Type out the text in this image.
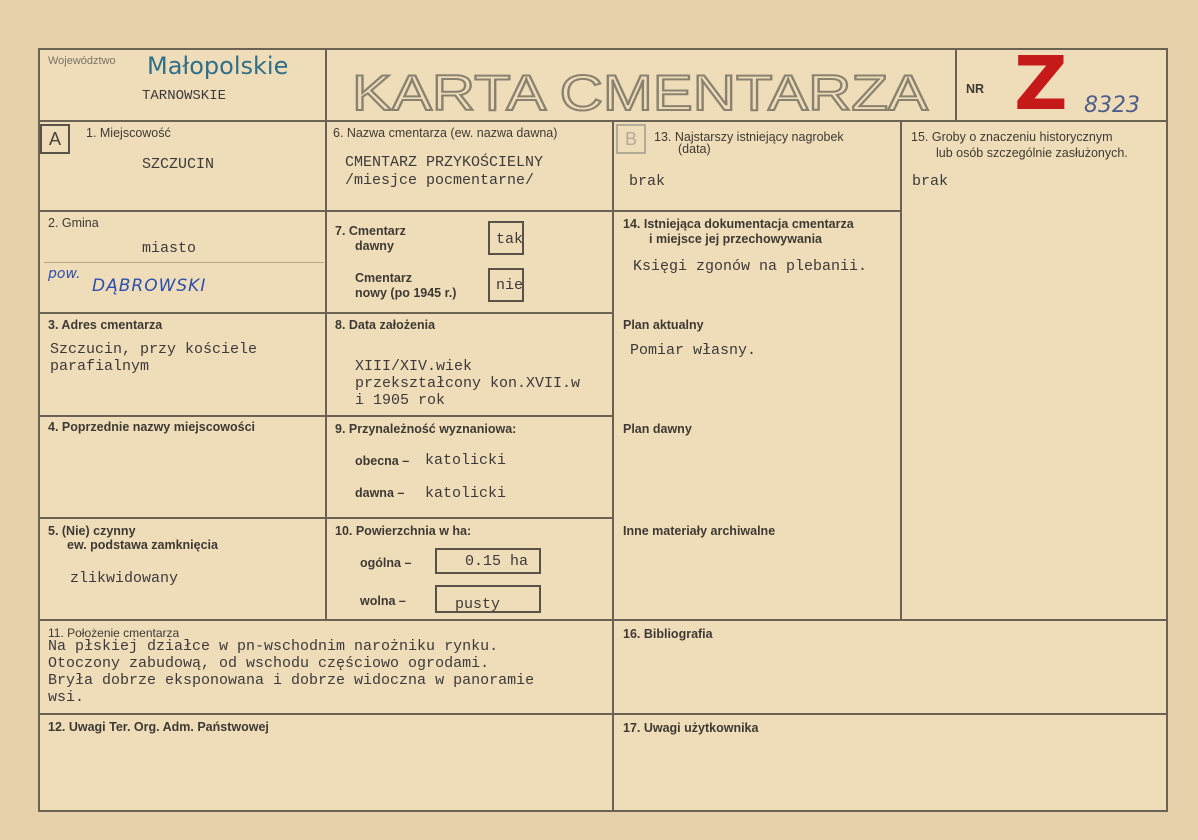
Województwo Małopolskie
TARNOWSKIE	KARTA CMENTARZA	NR Z 8323
A	B
1. Miejscowość
SZCZUCIN
6. Nazwa cmentarza (ew. nazwa dawna)
CMENTARZ PRZYKOŚCIELNY
/miesjce pocmentarne/
13. Najstarszy istniejący nagrobek
(data)
brak
15. Groby o znaczeniu historycznym
lub osób szczególnie zasłużonych.
brak
2. Gmina
miasto
pow.
DĄBROWSKI
7. Cmentarz
dawny	tak
Cmentarz
nowy (po 1945 r.)	nie
14. Istniejąca dokumentacja cmentarza
i miejsce jej przechowywania
Księgi zgonów na plebanii.
3. Adres cmentarza
Szczucin, przy kościele
parafialnym
8. Data założenia
XIII/XIV.wiek
przekształcony kon.XVII.w
i 1905 rok
Plan aktualny
Pomiar własny.
4. Poprzednie nazwy miejscowości	9. Przynależność wyznaniowa:
obecna – katolicki
dawna – katolicki
Plan dawny
5. (Nie) czynny
ew. podstawa zamknięcia
zlikwidowany
10. Powierzchnia w ha:
ogólna –	0.15 ha
wolna –	pusty
Inne materiały archiwalne
11. Położenie cmentarza
Na płskiej działce w pn-wschodnim narożniku rynku.
Otoczony zabudową, od wschodu częściowo ogrodami.
Bryła dobrze eksponowana i dobrze widoczna w panoramie
wsi.
16. Bibliografia
12. Uwagi Ter. Org. Adm. Państwowej	17. Uwagi użytkownika
